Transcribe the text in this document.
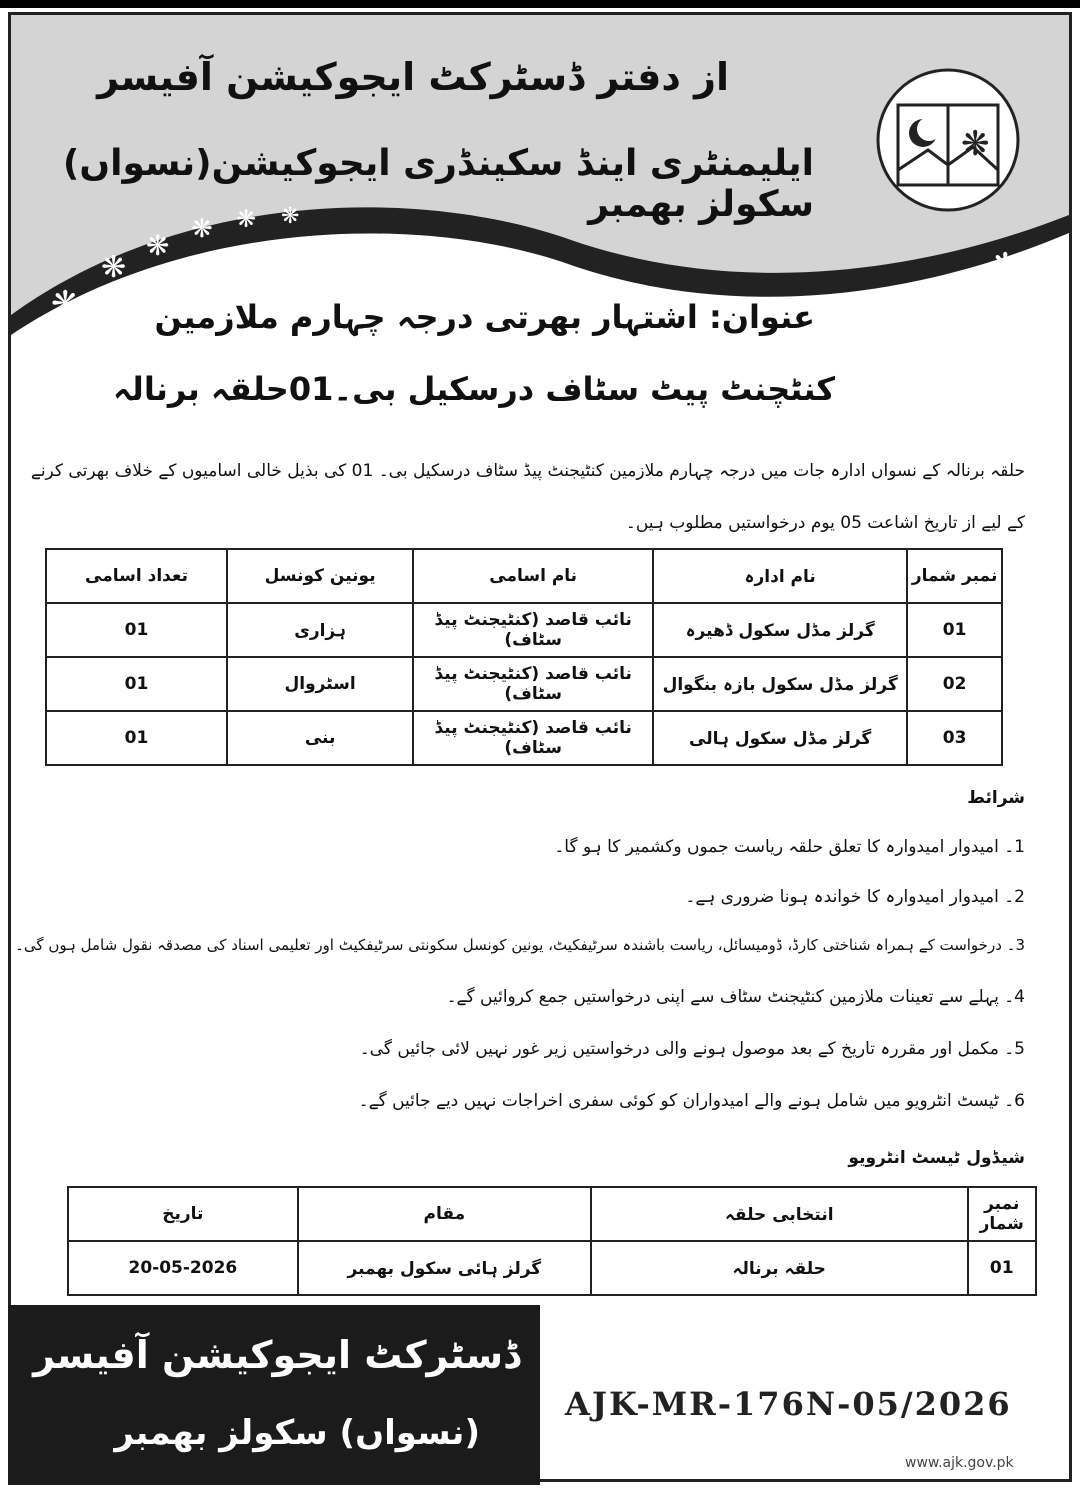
❋
❋
❋ ❋ ❋ ❋
❋
❋
❋
از دفتر ڈسٹرکٹ ایجوکیشن آفیسر
ایلیمنٹری اینڈ سکینڈری ایجوکیشن(نسواں) سکولز بھمبر
❋
عنوان: اشتہار بھرتی درجہ چہارم ملازمین
کنٹچنٹ پیٹ سٹاف درسکیل بی۔01حلقہ برنالہ
حلقہ برنالہ کے نسواں ادارہ جات میں درجہ چہارم ملازمین کنٹیجنٹ پیڈ سٹاف درسکیل بی۔ 01 کی بذیل خالی اسامیوں کے خلاف بھرتی کرنے
کے لیے از تاریخ اشاعت 05 یوم درخواستیں مطلوب ہیں۔
نمبر شمار	نام ادارہ	نام اسامی	یونین کونسل	تعداد اسامی
01	گرلز مڈل سکول ڈھیرہ	نائب قاصد (کنٹیجنٹ پیڈ سٹاف)	ہزاری	01
02	گرلز مڈل سکول بازہ بنگوال	نائب قاصد (کنٹیجنٹ پیڈ سٹاف)	اسٹروال	01
03	گرلز مڈل سکول ہالی	نائب قاصد (کنٹیجنٹ پیڈ سٹاف)	بنی	01
شرائط
1۔ امیدوار امیدوارہ کا تعلق حلقہ ریاست جموں وکشمیر کا ہو گا۔
2۔ امیدوار امیدوارہ کا خواندہ ہونا ضروری ہے۔
3۔ درخواست کے ہمراہ شناختی کارڈ، ڈومیسائل، ریاست باشندہ سرٹیفکیٹ، یونین کونسل سکونتی سرٹیفکیٹ اور تعلیمی اسناد کی مصدقہ نقول شامل ہوں گی۔
4۔ پہلے سے تعینات ملازمین کنٹیجنٹ سٹاف سے اپنی درخواستیں جمع کروائیں گے۔
5۔ مکمل اور مقررہ تاریخ کے بعد موصول ہونے والی درخواستیں زیر غور نہیں لائی جائیں گی۔
6۔ ٹیسٹ انٹرویو میں شامل ہونے والے امیدواران کو کوئی سفری اخراجات نہیں دیے جائیں گے۔
شیڈول ٹیسٹ انٹرویو
نمبر شمار	انتخابی حلقہ	مقام	تاریخ
01	حلقہ برنالہ	گرلز ہائی سکول بھمبر	20-05-2026
ڈسٹرکٹ ایجوکیشن آفیسر
(نسواں) سکولز بھمبر
AJK-MR-176N-05/2026
www.ajk.gov.pk
